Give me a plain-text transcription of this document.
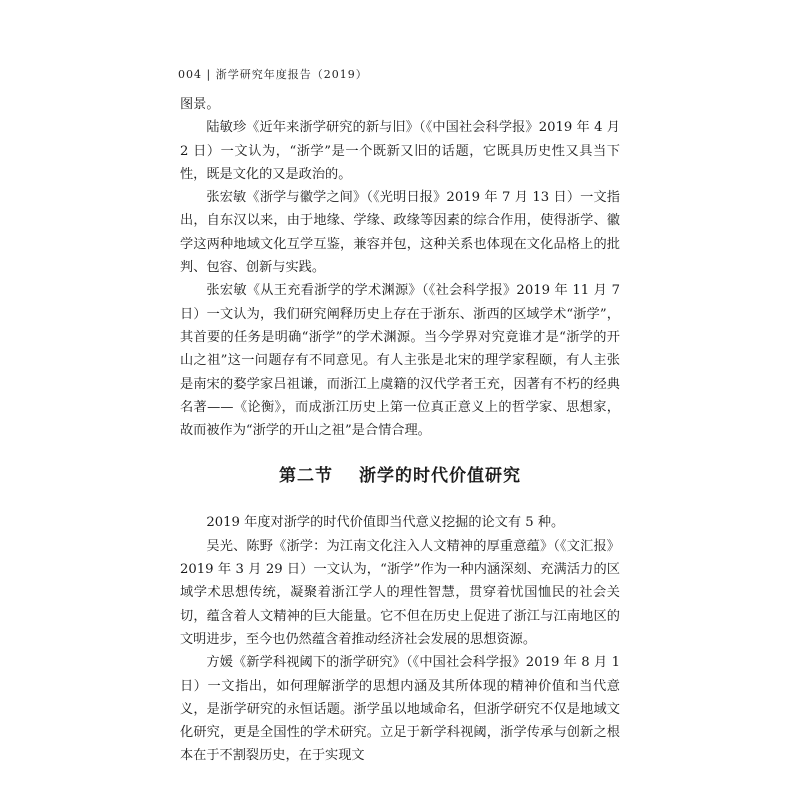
004 | 浙学研究年度报告（2019）

图景。

陆敏珍《近年来浙学研究的新与旧》（《中国社会科学报》2019 年 4 月 2 日）一文认为，“浙学”是一个既新又旧的话题，它既具历史性又具当下性，既是文化的又是政治的。

张宏敏《浙学与徽学之间》（《光明日报》2019 年 7 月 13 日）一文指出，自东汉以来，由于地缘、学缘、政缘等因素的综合作用，使得浙学、徽学这两种地域文化互学互鉴，兼容并包，这种关系也体现在文化品格上的批判、包容、创新与实践。

张宏敏《从王充看浙学的学术渊源》（《社会科学报》2019 年 11 月 7 日）一文认为，我们研究阐释历史上存在于浙东、浙西的区域学术“浙学”，其首要的任务是明确“浙学”的学术渊源。当今学界对究竟谁才是“浙学的开山之祖”这一问题存有不同意见。有人主张是北宋的理学家程颐，有人主张是南宋的婺学家吕祖谦，而浙江上虞籍的汉代学者王充，因著有不朽的经典名著——《论衡》，而成浙江历史上第一位真正意义上的哲学家、思想家，故而被作为“浙学的开山之祖”是合情合理。

第二节 浙学的时代价值研究

2019 年度对浙学的时代价值即当代意义挖掘的论文有 5 种。

吴光、陈野《浙学：为江南文化注入人文精神的厚重意蕴》（《文汇报》2019 年 3 月 29 日）一文认为，“浙学”作为一种内涵深刻、充满活力的区域学术思想传统，凝聚着浙江学人的理性智慧，贯穿着忧国恤民的社会关切，蕴含着人文精神的巨大能量。它不但在历史上促进了浙江与江南地区的文明进步，至今也仍然蕴含着推动经济社会发展的思想资源。

方媛《新学科视阈下的浙学研究》（《中国社会科学报》2019 年 8 月 1 日）一文指出，如何理解浙学的思想内涵及其所体现的精神价值和当代意义，是浙学研究的永恒话题。浙学虽以地域命名，但浙学研究不仅是地域文化研究，更是全国性的学术研究。立足于新学科视阈，浙学传承与创新之根本在于不割裂历史，在于实现文
